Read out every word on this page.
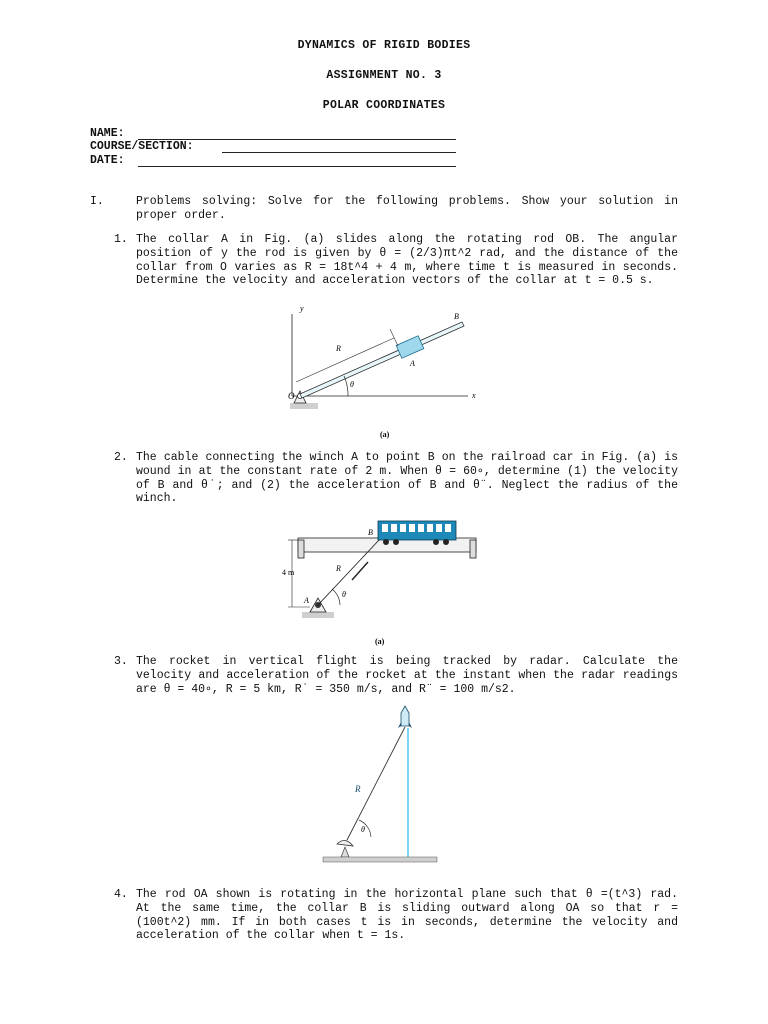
DYNAMICS OF RIGID BODIES
ASSIGNMENT NO. 3
POLAR COORDINATES
NAME:
COURSE/SECTION:
DATE:
I.	Problems solving: Solve for the following problems. Show your solution in proper order.
1. The collar A in Fig. (a) slides along the rotating rod OB. The angular position of y the rod is given by θ = (2/3)πt^2 rad, and the distance of the collar from O varies as R = 18t^4 + 4 m, where time t is measured in seconds. Determine the velocity and acceleration vectors of the collar at t = 0.5 s.
y
x
O
B
A
R
θ
(a)
2. The cable connecting the winch A to point B on the railroad car in Fig. (a) is wound in at the constant rate of 2 m. When θ = 60∘, determine (1) the velocity of B and θ˙; and (2) the acceleration of B and θ¨. Neglect the radius of the winch.
B
4 m
A
R
θ
(a)
3. The rocket in vertical flight is being tracked by radar. Calculate the velocity and acceleration of the rocket at the instant when the radar readings are θ = 40∘, R = 5 km, R˙ = 350 m/s, and R¨ = 100 m/s2.
R
θ
4. The rod OA shown is rotating in the horizontal plane such that θ =(t^3) rad. At the same time, the collar B is sliding outward along OA so that r = (100t^2) mm. If in both cases t is in seconds, determine the velocity and acceleration of the collar when t = 1s.
